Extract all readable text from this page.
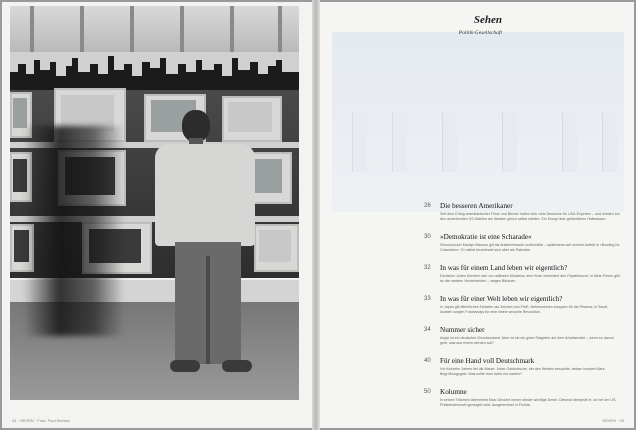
24 · SEHEN · Foto: Paul Kletzke
Sehen
Politik·Gesellschaft
26	Die besseren Amerikaner
Seit dem Erfolg amerikanischer Filme und Bücher halten sich viele Deutsche für USA-Experten – und würden bei den anstehenden US-Wahlen am liebsten gleich selbst wählen. Ein Essay über gefährliches Halbwissen.
30	»Demokratie ist eine Scharade«
Schockrocker Marilyn Manson gilt als Antiamerikaner schlechthin – spätestens seit seinem Auftritt in »Bowling for Columbine«. Er selbst bezeichnet sich aber als Patrioten.
32	In was für einem Land leben wir eigentlich?
Deutsche Juden fürchten sich vor radikalen Moslems; eine Krise verhindert den Papstbesuch; in Melk-Primm gibt es die meisten Verkehrstoten – wegen Bäumen.
33	In was für einer Welt leben wir eigentlich?
In Japan gilt öffentliches Schlafen als Zeichen von Fleiß, Nebenwirmen shoppen für die Pharma; in Saudi-Arabien sorgen Fotohandys für eine kleine sexuelle Revolution.
34	Nummer sicher
Angst ist ein deutscher Grundzustand. Aber ist sie ein guter Ratgeber auf dem Arbeitsmarkt – wenn es darum geht, was aus einem werden soll?
40	Für eine Hand voll Deutschmark
Vor fünfzehn Jahren fiel die Mauer. Jeder Ostdeutsche, der den Westen besuchte, bekam hundert Mark Begrüßungsgeld. Was sollte man dafür nur kaufen?
50	Kolumne
In seinen Träumen übernimmt Marc Deckert immer wieder wichtige Ämter. Diesmal überprüft er, ob bei der US-Präsidentenwahl gemogelt wird. Ausgerechnet in Florida.
SEHEN · 25
